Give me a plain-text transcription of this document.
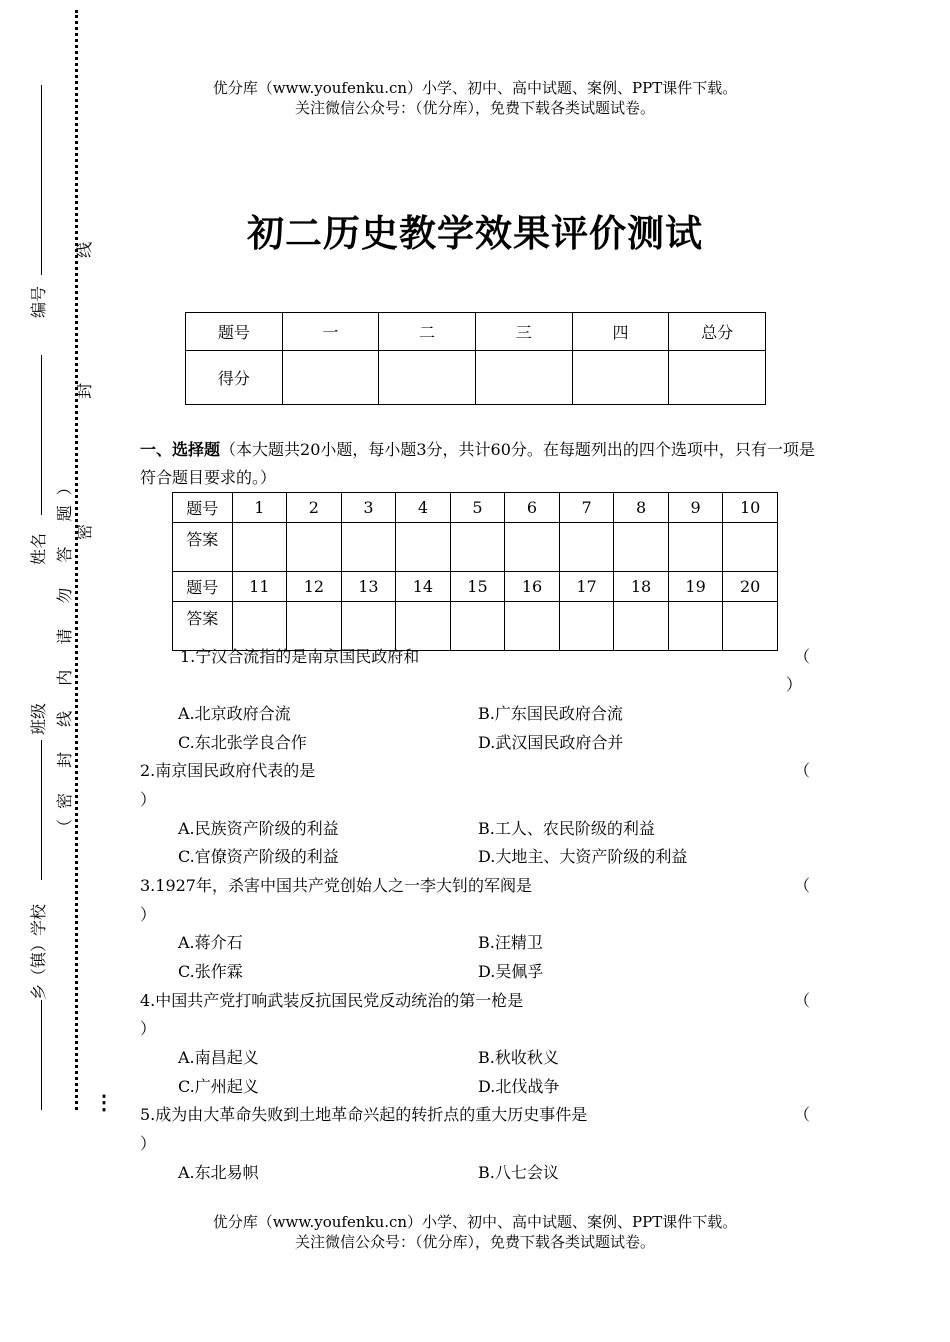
编号
姓名
班级
乡（镇）学校
（密 封 线 内 请 勿 答 题）
密 封 线
⋮
优分库（www.youfenku.cn）小学、初中、高中试题、案例、PPT课件下载。
关注微信公众号：（优分库），免费下载各类试题试卷。
初二历史教学效果评价测试
题号	一	二	三	四	总分
得分					
一、选择题（本大题共20小题，每小题3分，共计60分。在每题列出的四个选项中，只有一项是符合题目要求的。）
题号	1	2	3	4	5	6	7	8	9	10
答案										
题号	11	12	13	14	15	16	17	18	19	20
答案										
1.宁汉合流指的是南京国民政府和	（
）
A.北京政府合流	B.广东国民政府合流
C.东北张学良合作	D.武汉国民政府合并
2.南京国民政府代表的是	（
）
A.民族资产阶级的利益	B.工人、农民阶级的利益
C.官僚资产阶级的利益	D.大地主、大资产阶级的利益
3.1927年，杀害中国共产党创始人之一李大钊的军阀是	（
）
A.蒋介石	B.汪精卫
C.张作霖	D.吴佩孚
4.中国共产党打响武装反抗国民党反动统治的第一枪是	（
）
A.南昌起义	B.秋收秋义
C.广州起义	D.北伐战争
5.成为由大革命失败到土地革命兴起的转折点的重大历史事件是	（
）
A.东北易帜	B.八七会议
优分库（www.youfenku.cn）小学、初中、高中试题、案例、PPT课件下载。
关注微信公众号：（优分库），免费下载各类试题试卷。
